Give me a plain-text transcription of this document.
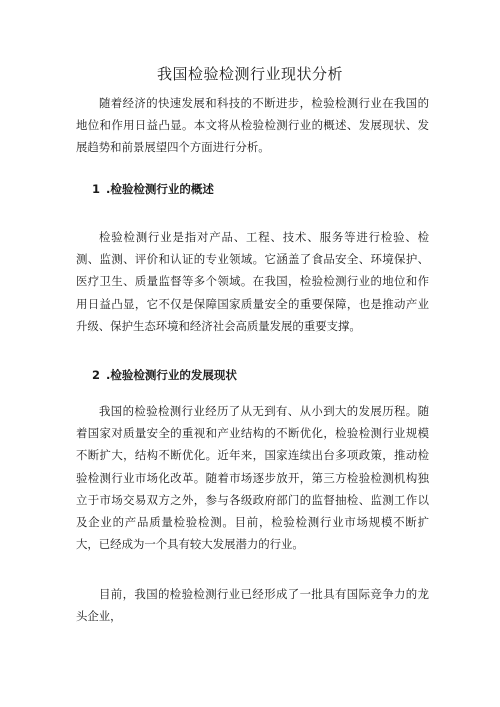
我国检验检测行业现状分析

随着经济的快速发展和科技的不断进步，检验检测行业在我国的地位和作用日益凸显。本文将从检验检测行业的概述、发展现状、发展趋势和前景展望四个方面进行分析。

1 .检验检测行业的概述

检验检测行业是指对产品、工程、技术、服务等进行检验、检测、监测、评价和认证的专业领域。它涵盖了食品安全、环境保护、医疗卫生、质量监督等多个领域。在我国，检验检测行业的地位和作用日益凸显，它不仅是保障国家质量安全的重要保障，也是推动产业升级、保护生态环境和经济社会高质量发展的重要支撑。

2 .检验检测行业的发展现状

我国的检验检测行业经历了从无到有、从小到大的发展历程。随着国家对质量安全的重视和产业结构的不断优化，检验检测行业规模不断扩大，结构不断优化。近年来，国家连续出台多项政策，推动检验检测行业市场化改革。随着市场逐步放开，第三方检验检测机构独立于市场交易双方之外，参与各级政府部门的监督抽检、监测工作以及企业的产品质量检验检测。目前，检验检测行业市场规模不断扩大，已经成为一个具有较大发展潜力的行业。

目前，我国的检验检测行业已经形成了一批具有国际竞争力的龙头企业，
